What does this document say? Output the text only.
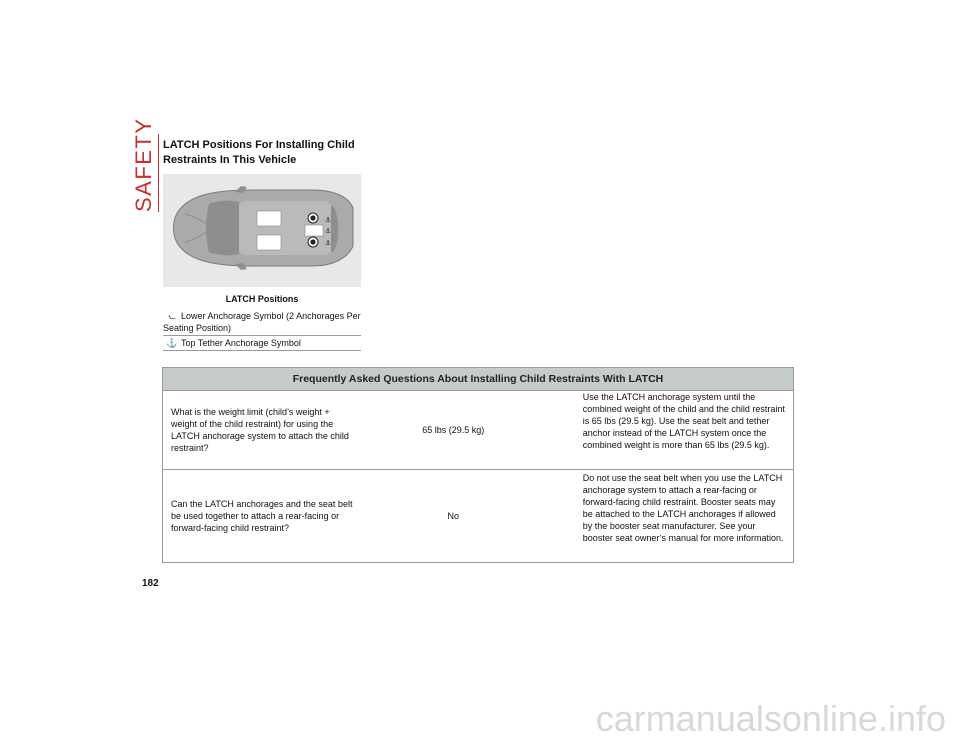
SAFETY LATCH Positions For Installing Child Restraints In This Vehicle
⚓
⚓
⚓
LATCH Positions
⦦ Lower Anchorage Symbol (2 Anchorages Per Seating Position)
⚓ Top Tether Anchorage Symbol
Frequently Asked Questions About Installing Child Restraints With LATCH
What is the weight limit (child’s weight + weight of the child restraint) for using the LATCH anchorage system to attach the child restraint?
65 lbs (29.5 kg)
Use the LATCH anchorage system until the combined weight of the child and the child restraint is 65 lbs (29.5 kg). Use the seat belt and tether anchor instead of the LATCH system once the combined weight is more than 65 lbs (29.5 kg).
Can the LATCH anchorages and the seat belt be used together to attach a rear-facing or forward-facing child restraint?
No
Do not use the seat belt when you use the LATCH anchorage system to attach a rear-facing or forward-facing child restraint. Booster seats may be attached to the LATCH anchorages if allowed by the booster seat manufacturer. See your booster seat owner’s manual for more information.
182
carmanualsonline.info
